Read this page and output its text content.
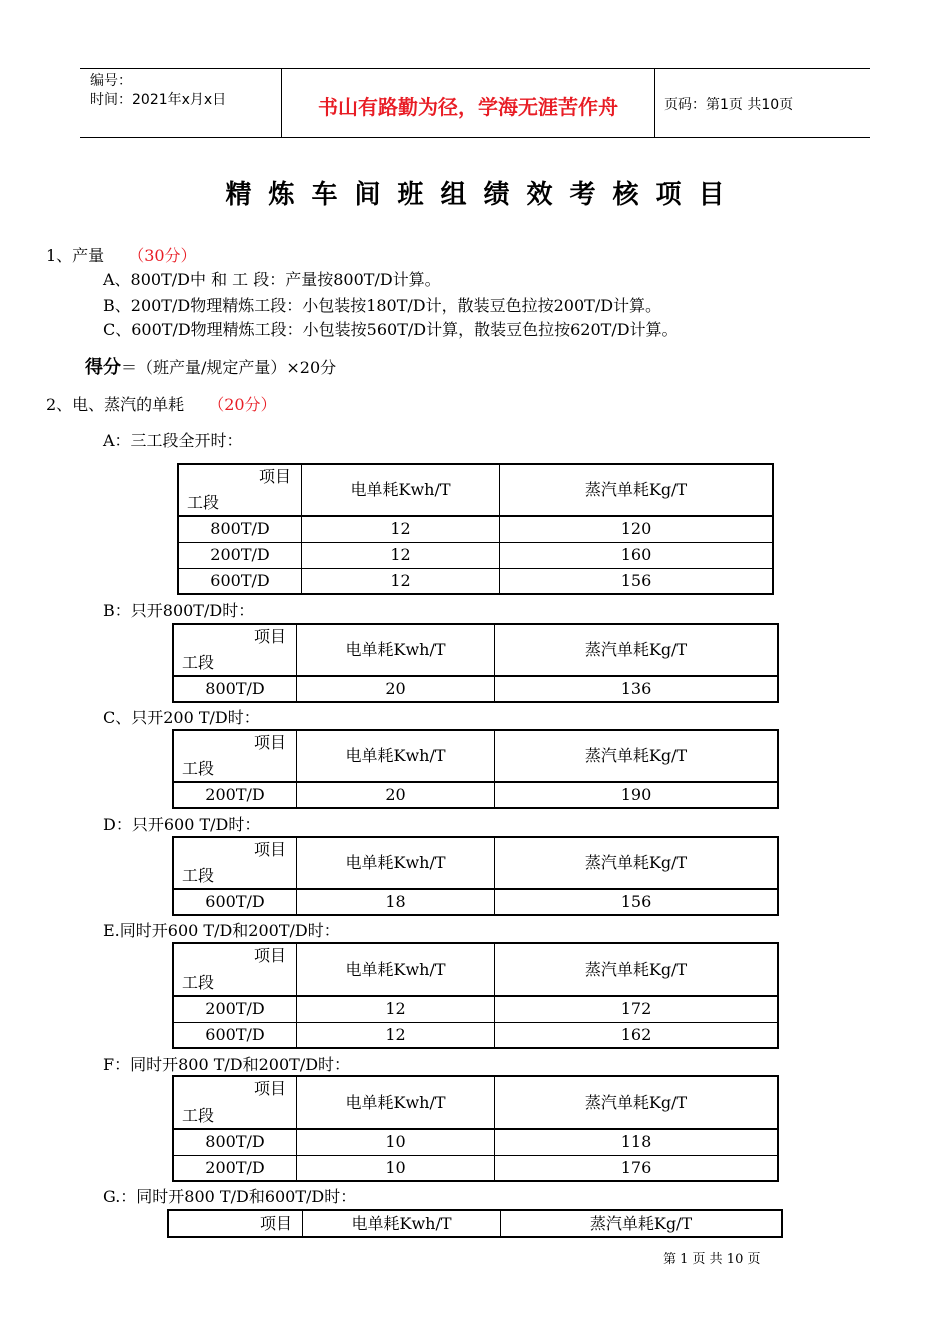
编号：
时间：2021年x月x日	书山有路勤为径，学海无涯苦作舟	页码：第1页 共10页
精炼车间班组绩效考核项目
1、产量 （30分）
A、800T/D中 和 工 段：产量按800T/D计算。
B、200T/D物理精炼工段：小包装按180T/D计，散装豆色拉按200T/D计算。
C、600T/D物理精炼工段：小包装按560T/D计算，散装豆色拉按620T/D计算。
得分＝（班产量/规定产量）×20分
2、电、蒸汽的单耗 （20分）
A：三工段全开时：
项目
工段	电单耗Kwh/T	蒸汽单耗Kg/T
800T/D	12	120
200T/D	12	160
600T/D	12	156
B：只开800T/D时：
项目
工段	电单耗Kwh/T	蒸汽单耗Kg/T
800T/D	20	136
C、只开200 T/D时：
项目
工段	电单耗Kwh/T	蒸汽单耗Kg/T
200T/D	20	190
D：只开600 T/D时：
项目
工段	电单耗Kwh/T	蒸汽单耗Kg/T
600T/D	18	156
E.同时开600 T/D和200T/D时：
项目
工段	电单耗Kwh/T	蒸汽单耗Kg/T
200T/D	12	172
600T/D	12	162
F：同时开800 T/D和200T/D时：
项目
工段	电单耗Kwh/T	蒸汽单耗Kg/T
800T/D	10	118
200T/D	10	176
G.：同时开800 T/D和600T/D时：
项目	电单耗Kwh/T	蒸汽单耗Kg/T
第 1 页 共 10 页
